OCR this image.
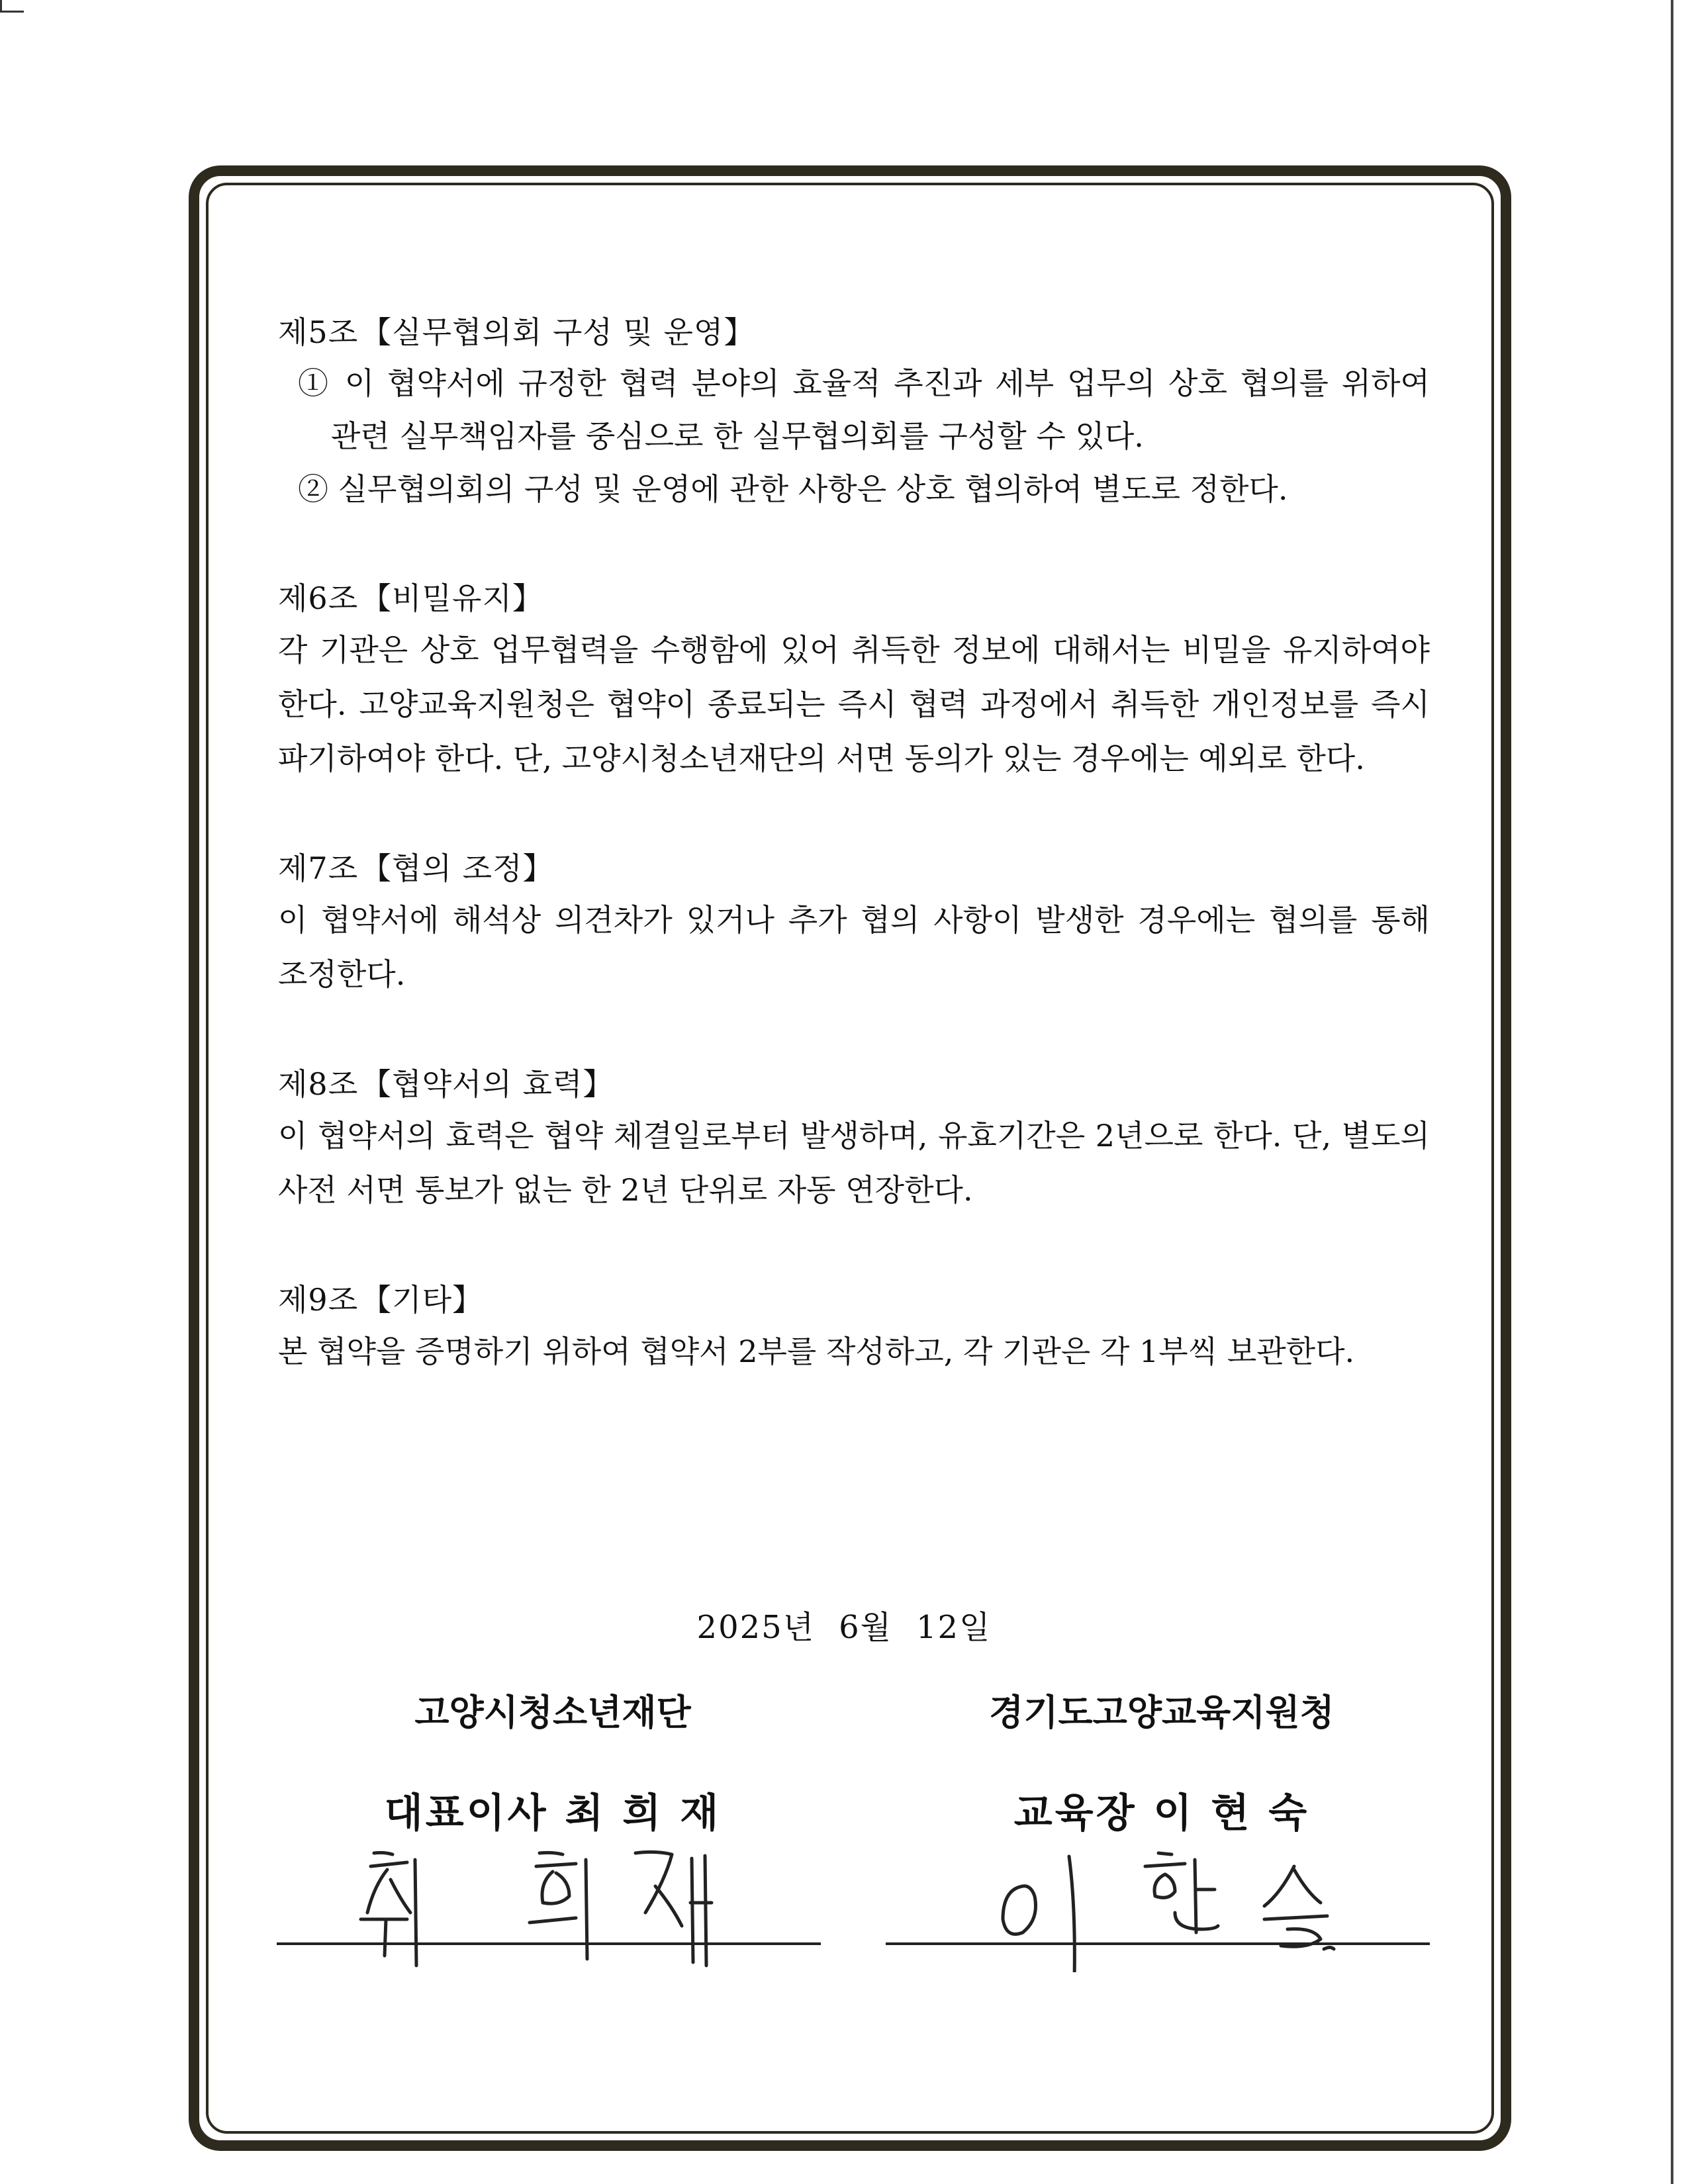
제5조【실무협의회 구성 및 운영】
① 이 협약서에 규정한 협력 분야의 효율적 추진과 세부 업무의 상호 협의를 위하여 관련 실무책임자를 중심으로 한 실무협의회를 구성할 수 있다.
② 실무협의회의 구성 및 운영에 관한 사항은 상호 협의하여 별도로 정한다.
제6조【비밀유지】
각 기관은 상호 업무협력을 수행함에 있어 취득한 정보에 대해서는 비밀을 유지하여야 한다. 고양교육지원청은 협약이 종료되는 즉시 협력 과정에서 취득한 개인정보를 즉시 파기하여야 한다. 단, 고양시청소년재단의 서면 동의가 있는 경우에는 예외로 한다.
제7조【협의 조정】
이 협약서에 해석상 의견차가 있거나 추가 협의 사항이 발생한 경우에는 협의를 통해 조정한다.
제8조【협약서의 효력】
이 협약서의 효력은 협약 체결일로부터 발생하며, 유효기간은 2년으로 한다. 단, 별도의 사전 서면 통보가 없는 한 2년 단위로 자동 연장한다.
제9조【기타】
본 협약을 증명하기 위하여 협약서 2부를 작성하고, 각 기관은 각 1부씩 보관한다.
2025년 6월 12일
고양시청소년재단
대표이사 최 희 재
경기도고양교육지원청
교육장 이 현 숙
